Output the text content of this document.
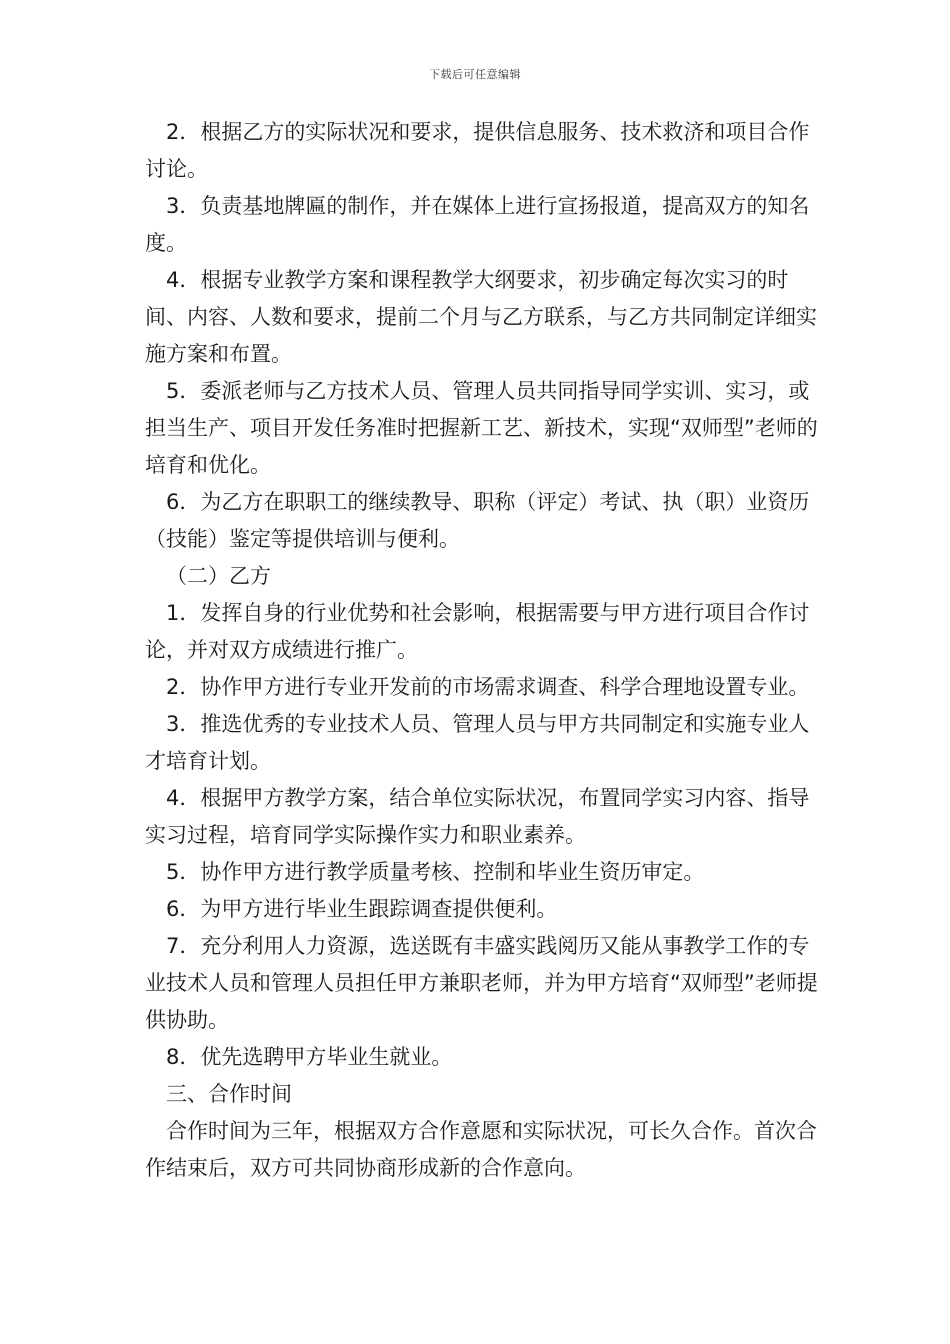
下载后可任意编辑

2．根据乙方的实际状况和要求，提供信息服务、技术救济和项目合作讨论。

3．负责基地牌匾的制作，并在媒体上进行宣扬报道，提高双方的知名度。

4．根据专业教学方案和课程教学大纲要求，初步确定每次实习的时间、内容、人数和要求，提前二个月与乙方联系，与乙方共同制定详细实施方案和布置。

5．委派老师与乙方技术人员、管理人员共同指导同学实训、实习，或担当生产、项目开发任务准时把握新工艺、新技术，实现“双师型”老师的培育和优化。

6．为乙方在职职工的继续教导、职称（评定）考试、执（职）业资历（技能）鉴定等提供培训与便利。

（二）乙方

1．发挥自身的行业优势和社会影响，根据需要与甲方进行项目合作讨论，并对双方成绩进行推广。

2．协作甲方进行专业开发前的市场需求调查、科学合理地设置专业。

3．推选优秀的专业技术人员、管理人员与甲方共同制定和实施专业人才培育计划。

4．根据甲方教学方案，结合单位实际状况，布置同学实习内容、指导实习过程，培育同学实际操作实力和职业素养。

5．协作甲方进行教学质量考核、控制和毕业生资历审定。

6．为甲方进行毕业生跟踪调查提供便利。

7．充分利用人力资源，选送既有丰盛实践阅历又能从事教学工作的专业技术人员和管理人员担任甲方兼职老师，并为甲方培育“双师型”老师提供协助。

8．优先选聘甲方毕业生就业。

三、合作时间

合作时间为三年，根据双方合作意愿和实际状况，可长久合作。首次合作结束后，双方可共同协商形成新的合作意向。
